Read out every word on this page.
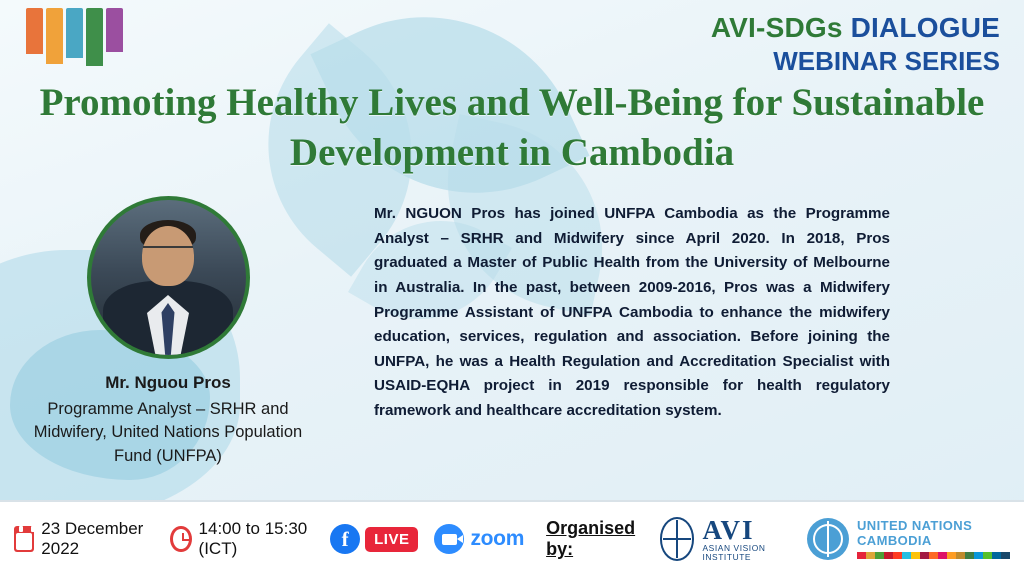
AVI-SDGs DIALOGUE
WEBINAR SERIES
Promoting Healthy Lives and Well-Being for Sustainable Development in Cambodia
Mr. Nguou Pros
Programme Analyst – SRHR and Midwifery, United Nations Population Fund (UNFPA)
Mr. NGUON Pros has joined UNFPA Cambodia as the Programme Analyst – SRHR and Midwifery since April 2020. In 2018, Pros graduated a Master of Public Health from the University of Melbourne in Australia. In the past, between 2009-2016, Pros was a Midwifery Programme Assistant of UNFPA Cambodia to enhance the midwifery education, services, regulation and association. Before joining the UNFPA, he was a Health Regulation and Accreditation Specialist with USAID-EQHA project in 2019 responsible for health regulatory framework and healthcare accreditation system.
23 December 2022
14:00 to 15:30 (ICT)	f	LIVE	zoom Organised by:
AVI
ASIAN VISION INSTITUTE
UNITED NATIONS
CAMBODIA
